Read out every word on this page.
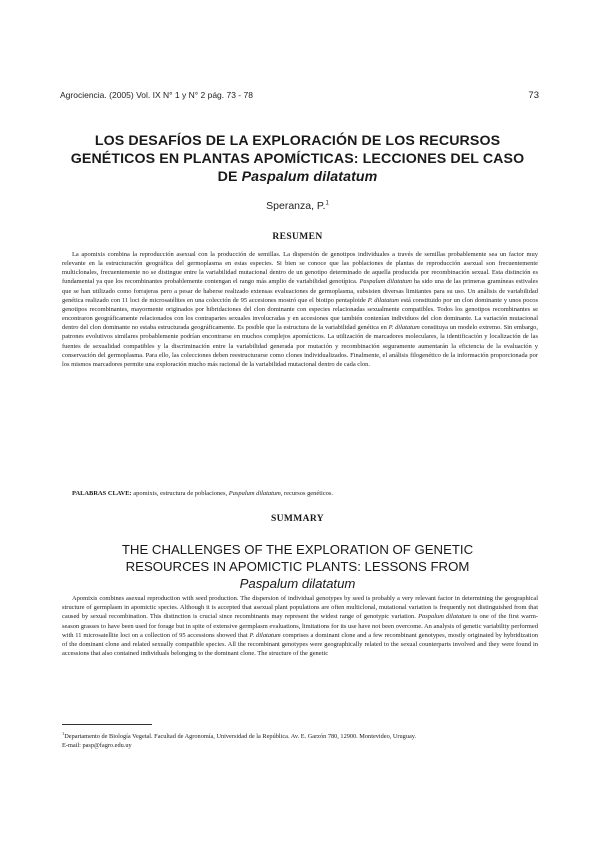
Agrociencia. (2005) Vol. IX N° 1 y N° 2 pág. 73 - 78	73
LOS DESAFÍOS DE LA EXPLORACIÓN DE LOS RECURSOS
GENÉTICOS EN PLANTAS APOMÍCTICAS: LECCIONES DEL CASO
DE Paspalum dilatatum
Speranza, P.$^1$
RESUMEN
La apomixis combina la reproducción asexual con la producción de semillas. La dispersión de genotipos individuales a través de semillas probablemente sea un factor muy relevante en la estructuración geográfica del germoplasma en estas especies. Si bien se conoce que las poblaciones de plantas de reproducción asexual son frecuentemente multiclonales, frecuentemente no se distingue entre la variabilidad mutacional dentro de un genotipo determinado de aquella producida por recombinación sexual. Esta distinción es fundamental ya que los recombinantes probablemente contengan el rango más amplio de variabilidad genotípica. Paspalum dilatatum ha sido una de las primeras gramíneas estivales que se han utilizado como forrajeras pero a pesar de haberse realizado extensas evaluaciones de germoplasma, subsisten diversas limitantes para su uso. Un análisis de variabilidad genética realizado con 11 loci de microsatélites en una colección de 95 accesiones mostró que el biotipo pentaploide P. dilatatum está constituido por un clon dominante y unos pocos genotipos recombinantes, mayormente originados por hibridaciones del clon dominante con especies relacionadas sexualmente compatibles. Todos los genotipos recombinantes se encontraron geográficamente relacionados con los contrapartes sexuales involucradas y en accesiones que también contenían individuos del clon dominante. La variación mutacional dentro del clon dominante no estaba estructurada geográficamente. Es posible que la estructura de la variabilidad genética en P. dilatatum constituya un modelo extremo. Sin embargo, patrones evolutivos similares probablemente podrían encontrarse en muchos complejos apomícticos. La utilización de marcadores moleculares, la identificación y localización de las fuentes de sexualidad compatibles y la discriminación entre la variabilidad generada por mutación y recombinación seguramente aumentarán la eficiencia de la evaluación y conservación del germoplasma. Para ello, las colecciones deben reestructurarse como clones individualizados. Finalmente, el análisis filogenético de la información proporcionada por los mismos marcadores permite una exploración mucho más racional de la variabilidad mutacional dentro de cada clon.
PALABRAS CLAVE: apomixis, estructura de poblaciones, Paspalum dilatatum, recursos genéticos.
SUMMARY
THE CHALLENGES OF THE EXPLORATION OF GENETIC
RESOURCES IN APOMICTIC PLANTS: LESSONS FROM
Paspalum dilatatum
Apomixis combines asexual reproduction with seed production. The dispersion of individual genotypes by seed is probably a very relevant factor in determining the geographical structure of germplasm in apomictic species. Although it is accepted that asexual plant populations are often multiclonal, mutational variation is frequently not distinguished from that caused by sexual recombination. This distinction is crucial since recombinants may represent the widest range of genotypic variation. Paspalum dilatatum is one of the first warm-season grasses to have been used for forage but in spite of extensive germplasm evaluations, limitations for its use have not been overcome. An analysis of genetic variability performed with 11 microsatellite loci on a collection of 95 accessions showed that P. dilatatum comprises a dominant clone and a few recombinant genotypes, mostly originated by hybridization of the dominant clone and related sexually compatible species. All the recombinant genotypes were geographically related to the sexual counterparts involved and they were found in accessions that also contained individuals belonging to the dominant clone. The structure of the genetic
$^1$Departamento de Biología Vegetal. Facultad de Agronomía, Universidad de la República. Av. E. Garzón 780, 12900. Montevideo, Uruguay.
E-mail: pasp@fagro.edu.uy
